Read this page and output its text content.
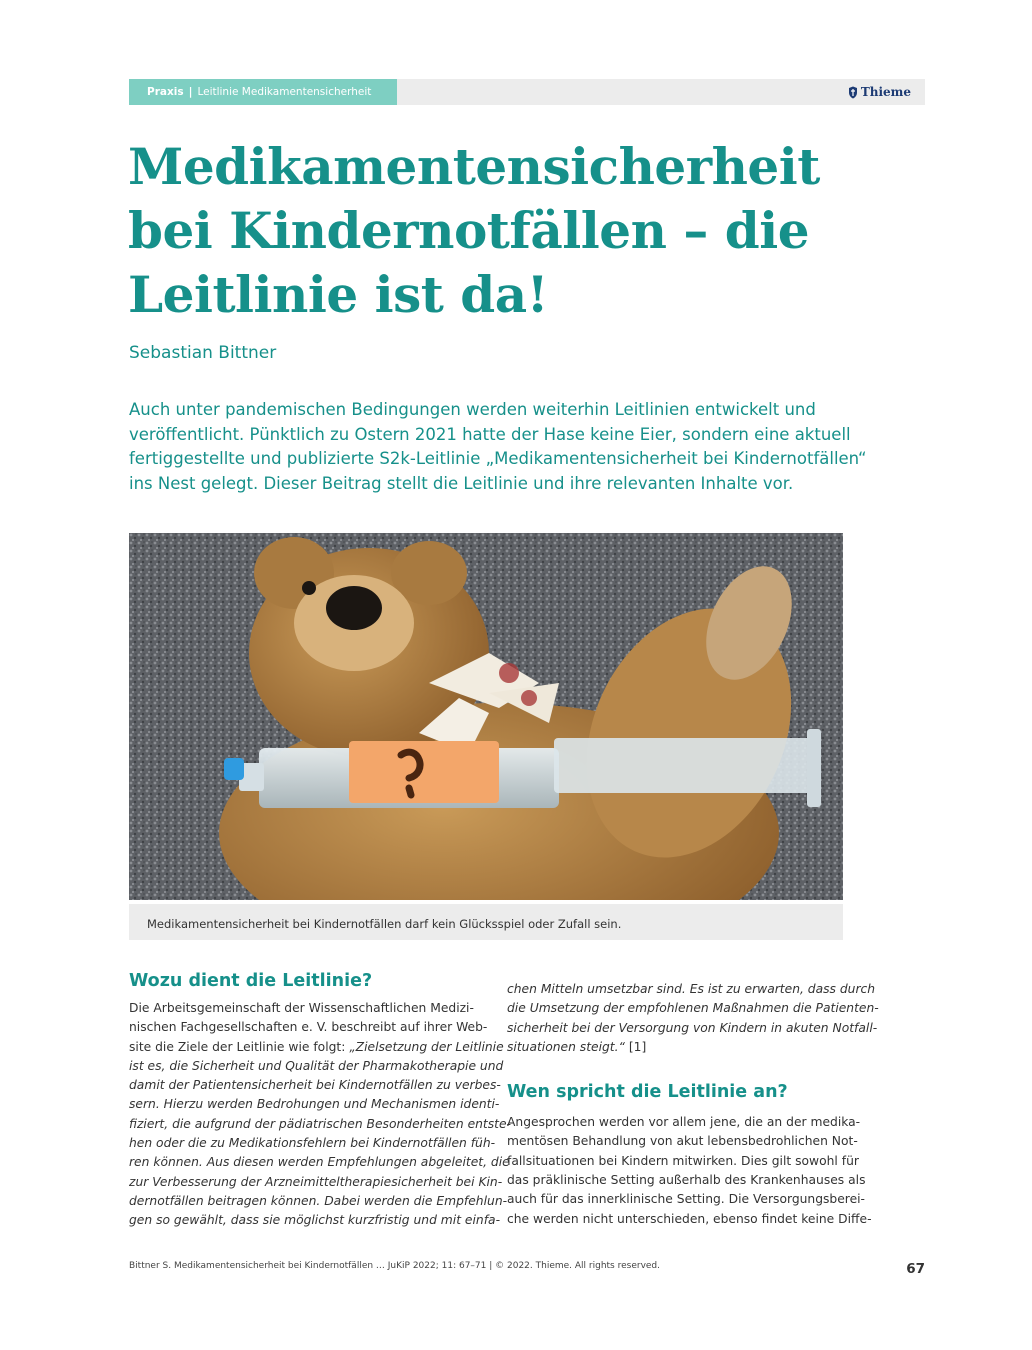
Praxis | Leitlinie Medikamentensicherheit	Thieme
Medikamentensicherheit
bei Kindernotfällen – die
Leitlinie ist da!
Sebastian Bittner
Auch unter pandemischen Bedingungen werden weiterhin Leitlinien entwickelt und
veröffentlicht. Pünktlich zu Ostern 2021 hatte der Hase keine Eier, sondern eine aktuell
fertiggestellte und publizierte S2k-Leitlinie „Medikamentensicherheit bei Kindernotfällen“
ins Nest gelegt. Dieser Beitrag stellt die Leitlinie und ihre relevanten Inhalte vor.
Medikamentensicherheit bei Kindernotfällen darf kein Glücksspiel oder Zufall sein.
Wozu dient die Leitlinie?
Die Arbeitsgemeinschaft der Wissenschaftlichen Medizi-
nischen Fachgesellschaften e. V. beschreibt auf ihrer Web-
site die Ziele der Leitlinie wie folgt: „Zielsetzung der Leitlinie
ist es, die Sicherheit und Qualität der Pharmakotherapie und
damit der Patientensicherheit bei Kindernotfällen zu verbes-
sern. Hierzu werden Bedrohungen und Mechanismen identi-
fiziert, die aufgrund der pädiatrischen Besonderheiten entste-
hen oder die zu Medikationsfehlern bei Kindernotfällen füh-
ren können. Aus diesen werden Empfehlungen abgeleitet, die
zur Verbesserung der Arzneimitteltherapiesicherheit bei Kin-
dernotfällen beitragen können. Dabei werden die Empfehlun-
gen so gewählt, dass sie möglichst kurzfristig und mit einfa-
chen Mitteln umsetzbar sind. Es ist zu erwarten, dass durch
die Umsetzung der empfohlenen Maßnahmen die Patienten-
sicherheit bei der Versorgung von Kindern in akuten Notfall-
situationen steigt.“ [1]
Wen spricht die Leitlinie an?
Angesprochen werden vor allem jene, die an der medika-
mentösen Behandlung von akut lebensbedrohlichen Not-
fallsituationen bei Kindern mitwirken. Dies gilt sowohl für
das präklinische Setting außerhalb des Krankenhauses als
auch für das innerklinische Setting. Die Versorgungsberei-
che werden nicht unterschieden, ebenso findet keine Diffe-
Bittner S. Medikamentensicherheit bei Kindernotfällen … JuKiP 2022; 11: 67–71 | © 2022. Thieme. All rights reserved.	67
